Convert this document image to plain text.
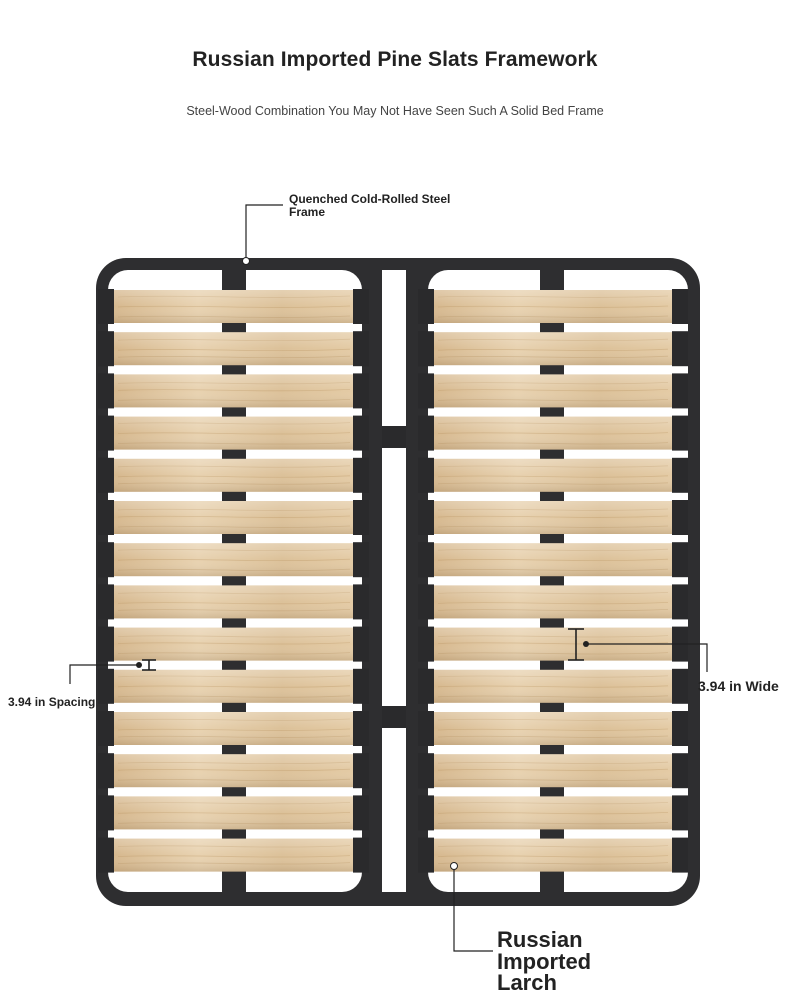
Russian Imported Pine Slats Framework
Steel-Wood Combination You May Not Have Seen Such A Solid Bed Frame
Quenched Cold-Rolled Steel Frame
3.94 in Spacing
3.94 in Wide
Russian
Imported
Larch
